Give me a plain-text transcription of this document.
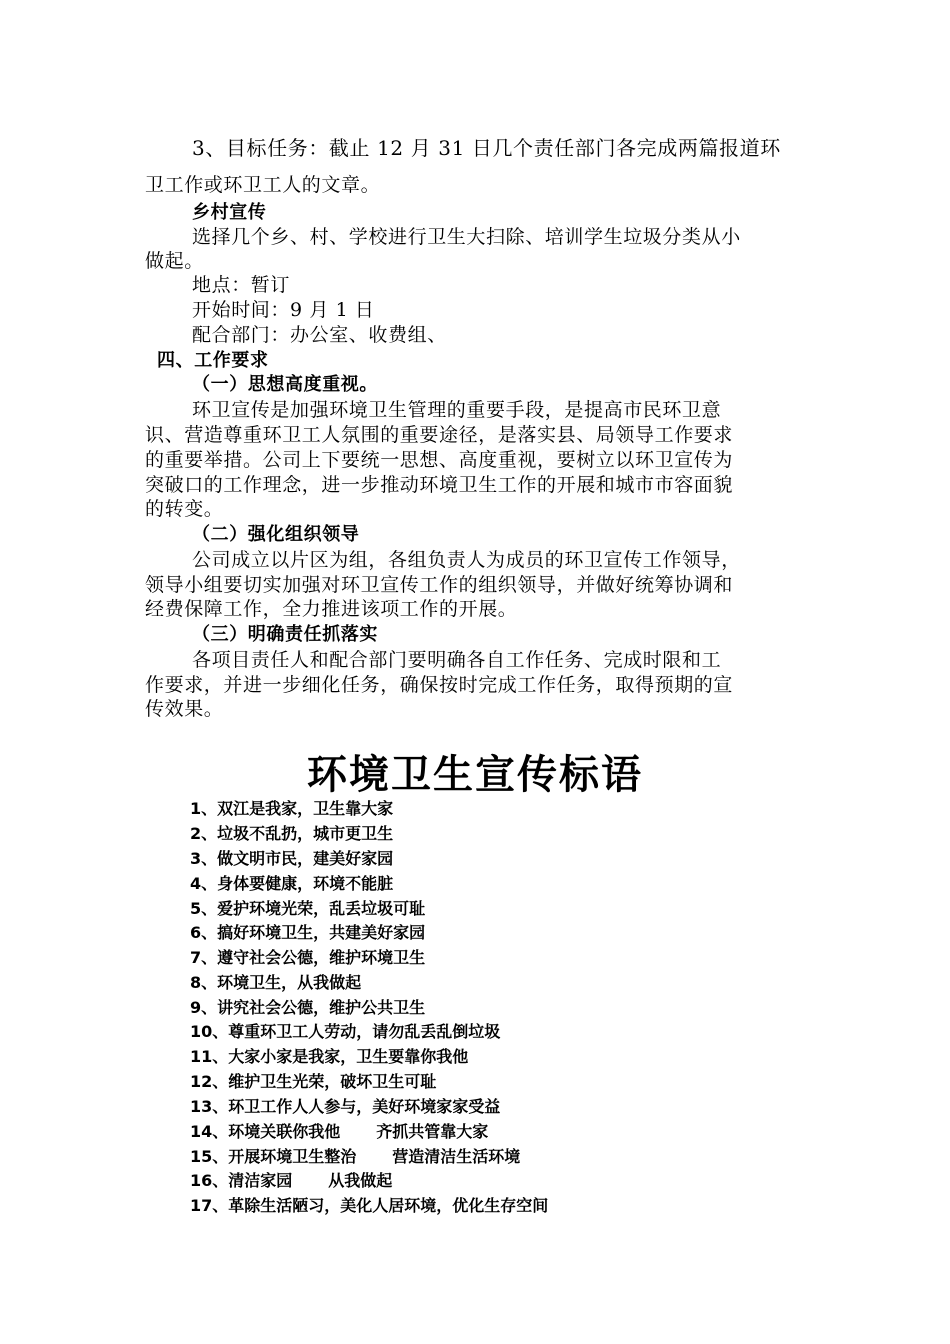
3、目标任务：截止 12 月 31 日几个责任部门各完成两篇报道环
卫工作或环卫工人的文章。
乡村宣传
选择几个乡、村、学校进行卫生大扫除、培训学生垃圾分类从小
做起。
地点：暂订
开始时间：9 月 1 日
配合部门：办公室、收费组、
四、工作要求
（一）思想高度重视。
环卫宣传是加强环境卫生管理的重要手段，是提高市民环卫意
识、营造尊重环卫工人氛围的重要途径，是落实县、局领导工作要求
的重要举措。公司上下要统一思想、高度重视，要树立以环卫宣传为
突破口的工作理念，进一步推动环境卫生工作的开展和城市市容面貌
的转变。
（二）强化组织领导
公司成立以片区为组，各组负责人为成员的环卫宣传工作领导，
领导小组要切实加强对环卫宣传工作的组织领导，并做好统筹协调和
经费保障工作，全力推进该项工作的开展。
（三）明确责任抓落实
各项目责任人和配合部门要明确各自工作任务、完成时限和工
作要求，并进一步细化任务，确保按时完成工作任务，取得预期的宣
传效果。
环境卫生宣传标语
1、双江是我家，卫生靠大家
2、垃圾不乱扔，城市更卫生
3、做文明市民，建美好家园
4、身体要健康，环境不能脏
5、爱护环境光荣，乱丢垃圾可耻
6、搞好环境卫生，共建美好家园
7、遵守社会公德，维护环境卫生
8、环境卫生，从我做起
9、讲究社会公德，维护公共卫生
10、尊重环卫工人劳动，请勿乱丢乱倒垃圾
11、大家小家是我家，卫生要靠你我他
12、维护卫生光荣，破坏卫生可耻
13、环卫工作人人参与，美好环境家家受益
14、环境关联你我他 齐抓共管靠大家
15、开展环境卫生整治 营造清洁生活环境
16、清洁家园 从我做起
17、革除生活陋习，美化人居环境，优化生存空间
